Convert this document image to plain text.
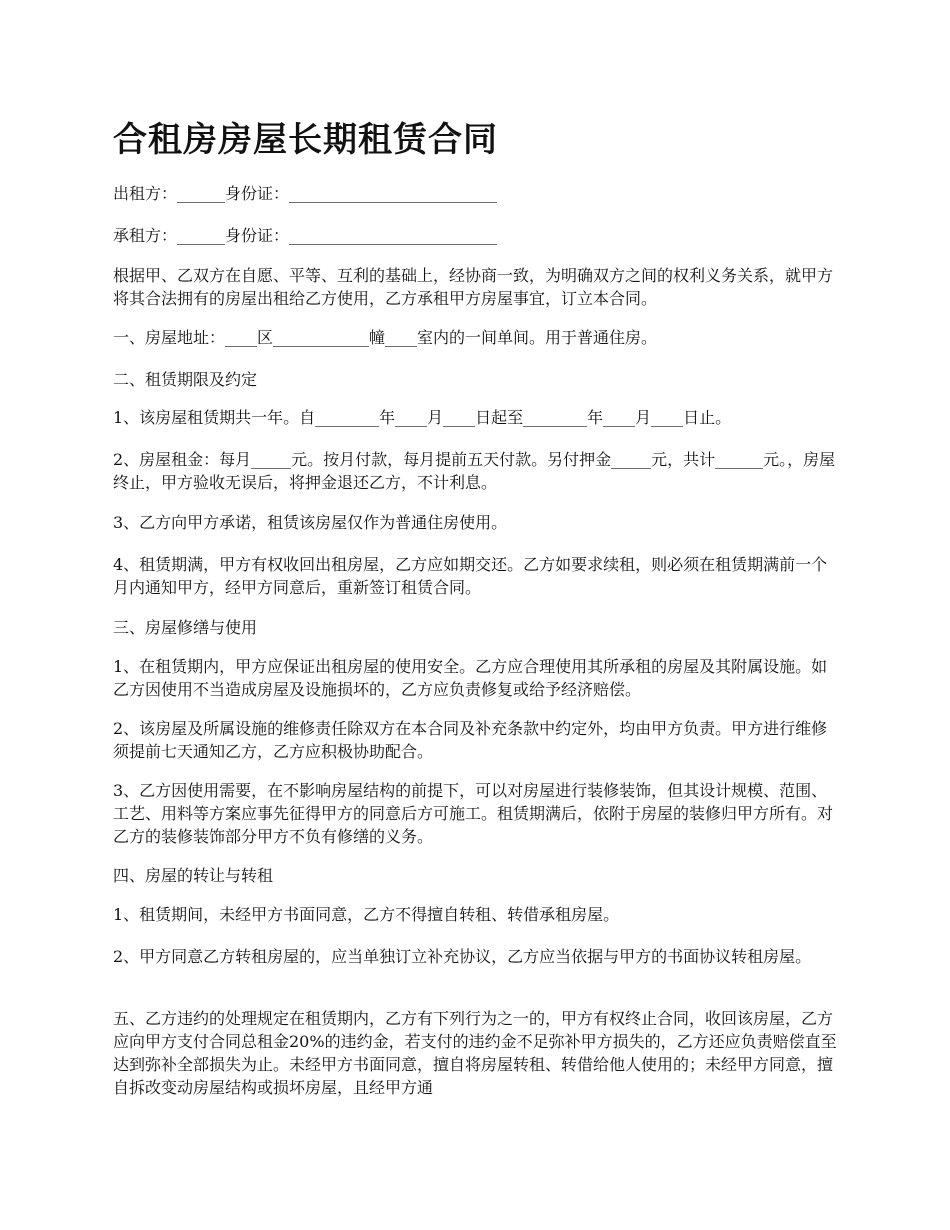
合租房房屋长期租赁合同

出租方：______身份证：__________________________

承租方：______身份证：__________________________

根据甲、乙双方在自愿、平等、互利的基础上，经协商一致，为明确双方之间的权利义务关系，就甲方将其合法拥有的房屋出租给乙方使用，乙方承租甲方房屋事宜，订立本合同。

一、房屋地址：____区____________幢____室内的一间单间。用于普通住房。

二、租赁期限及约定

1、该房屋租赁期共一年。自________年____月____日起至________年____月____日止。

2、房屋租金：每月_____元。按月付款，每月提前五天付款。另付押金_____元，共计______元。，房屋终止，甲方验收无误后，将押金退还乙方，不计利息。

3、乙方向甲方承诺，租赁该房屋仅作为普通住房使用。

4、租赁期满，甲方有权收回出租房屋，乙方应如期交还。乙方如要求续租，则必须在租赁期满前一个月内通知甲方，经甲方同意后，重新签订租赁合同。

三、房屋修缮与使用

1、在租赁期内，甲方应保证出租房屋的使用安全。乙方应合理使用其所承租的房屋及其附属设施。如乙方因使用不当造成房屋及设施损坏的，乙方应负责修复或给予经济赔偿。

2、该房屋及所属设施的维修责任除双方在本合同及补充条款中约定外，均由甲方负责。甲方进行维修须提前七天通知乙方，乙方应积极协助配合。

3、乙方因使用需要，在不影响房屋结构的前提下，可以对房屋进行装修装饰，但其设计规模、范围、工艺、用料等方案应事先征得甲方的同意后方可施工。租赁期满后，依附于房屋的装修归甲方所有。对乙方的装修装饰部分甲方不负有修缮的义务。

四、房屋的转让与转租

1、租赁期间，未经甲方书面同意，乙方不得擅自转租、转借承租房屋。

2、甲方同意乙方转租房屋的，应当单独订立补充协议，乙方应当依据与甲方的书面协议转租房屋。

五、乙方违约的处理规定在租赁期内，乙方有下列行为之一的，甲方有权终止合同，收回该房屋，乙方应向甲方支付合同总租金20%的违约金，若支付的违约金不足弥补甲方损失的，乙方还应负责赔偿直至达到弥补全部损失为止。未经甲方书面同意，擅自将房屋转租、转借给他人使用的；未经甲方同意，擅自拆改变动房屋结构或损坏房屋，且经甲方通
